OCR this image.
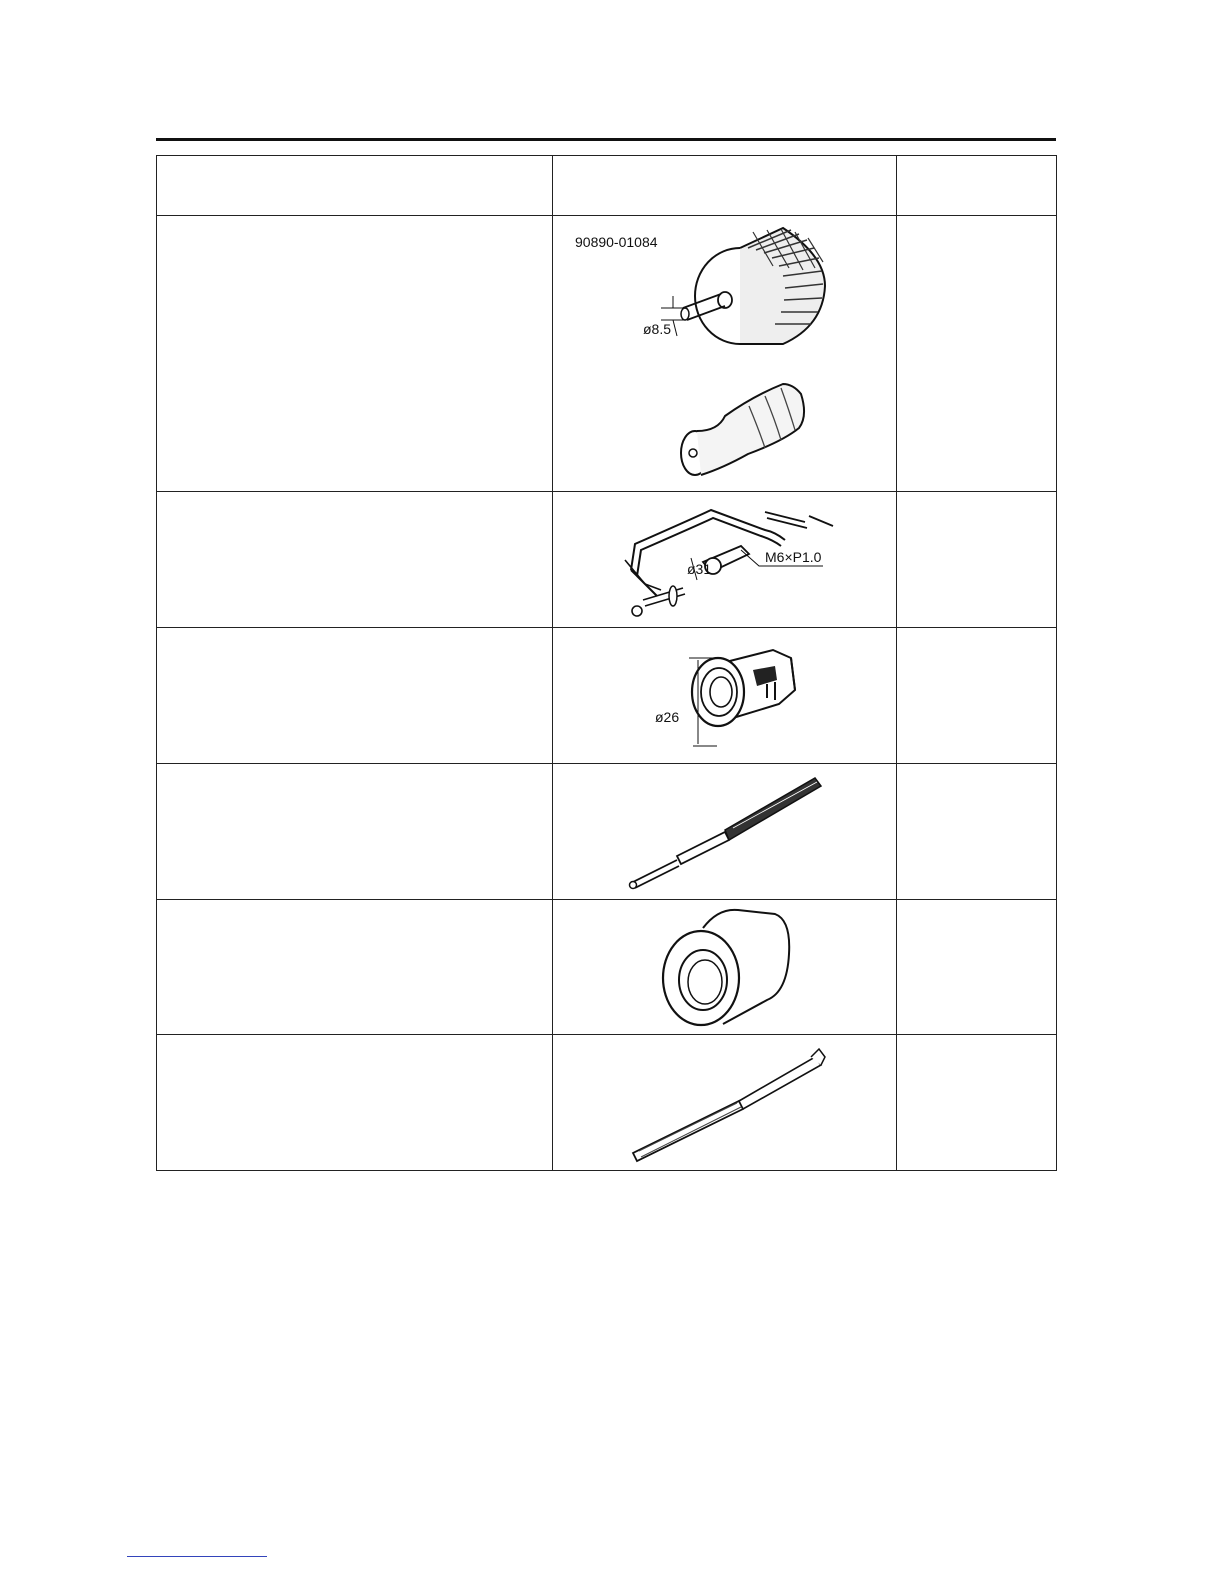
90890-01084
ø8.5	

ø31
M6×P1.0	

ø26	
